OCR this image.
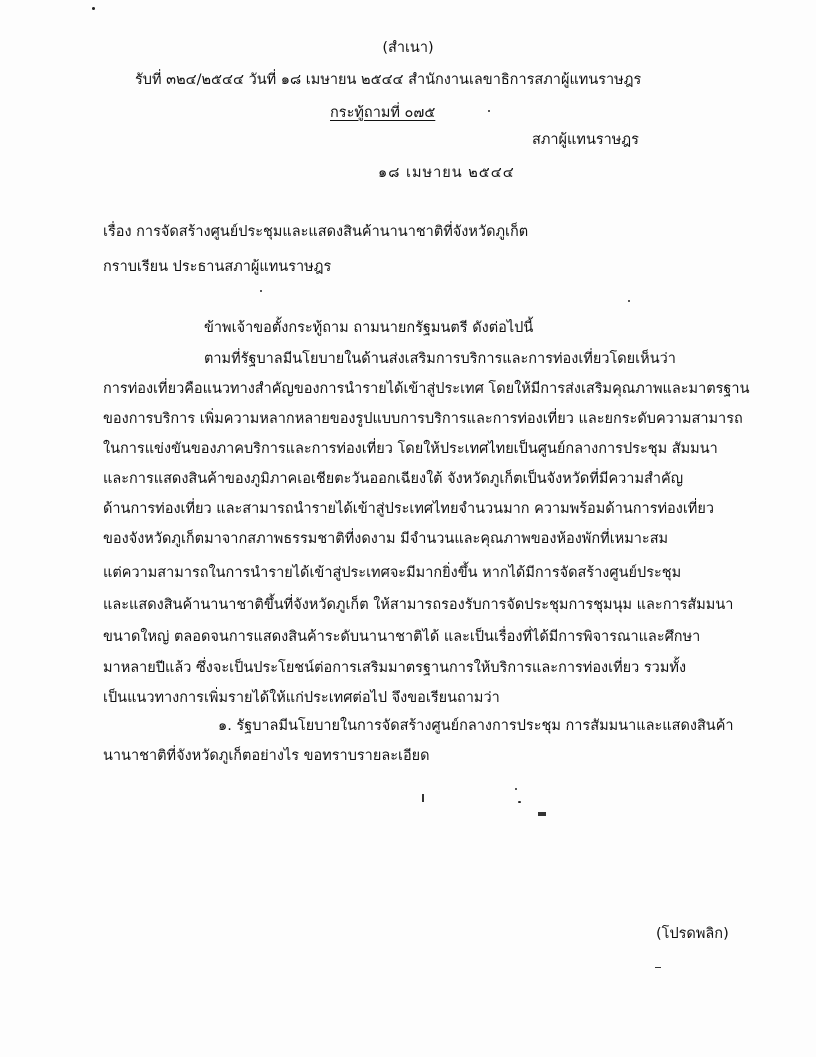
(สำเนา)
รับที่ ๓๒๔/๒๕๔๔ วันที่ ๑๘ เมษายน ๒๕๔๔ สำนักงานเลขาธิการสภาผู้แทนราษฎร
กระทู้ถามที่ ๐๗๕
สภาผู้แทนราษฎร
๑๘ เมษายน ๒๕๔๔
เรื่อง การจัดสร้างศูนย์ประชุมและแสดงสินค้านานาชาติที่จังหวัดภูเก็ต
กราบเรียน ประธานสภาผู้แทนราษฎร
ข้าพเจ้าขอตั้งกระทู้ถาม ถามนายกรัฐมนตรี ดังต่อไปนี้
ตามที่รัฐบาลมีนโยบายในด้านส่งเสริมการบริการและการท่องเที่ยวโดยเห็นว่า
การท่องเที่ยวคือแนวทางสำคัญของการนำรายได้เข้าสู่ประเทศ โดยให้มีการส่งเสริมคุณภาพและมาตรฐาน
ของการบริการ เพิ่มความหลากหลายของรูปแบบการบริการและการท่องเที่ยว และยกระดับความสามารถ
ในการแข่งขันของภาคบริการและการท่องเที่ยว โดยให้ประเทศไทยเป็นศูนย์กลางการประชุม สัมมนา
และการแสดงสินค้าของภูมิภาคเอเชียตะวันออกเฉียงใต้ จังหวัดภูเก็ตเป็นจังหวัดที่มีความสำคัญ
ด้านการท่องเที่ยว และสามารถนำรายได้เข้าสู่ประเทศไทยจำนวนมาก ความพร้อมด้านการท่องเที่ยว
ของจังหวัดภูเก็ตมาจากสภาพธรรมชาติที่งดงาม มีจำนวนและคุณภาพของห้องพักที่เหมาะสม
แต่ความสามารถในการนำรายได้เข้าสู่ประเทศจะมีมากยิ่งขึ้น หากได้มีการจัดสร้างศูนย์ประชุม
และแสดงสินค้านานาชาติขึ้นที่จังหวัดภูเก็ต ให้สามารถรองรับการจัดประชุมการชุมนุม และการสัมมนา
ขนาดใหญ่ ตลอดจนการแสดงสินค้าระดับนานาชาติได้ และเป็นเรื่องที่ได้มีการพิจารณาและศึกษา
มาหลายปีแล้ว ซึ่งจะเป็นประโยชน์ต่อการเสริมมาตรฐานการให้บริการและการท่องเที่ยว รวมทั้ง
เป็นแนวทางการเพิ่มรายได้ให้แก่ประเทศต่อไป จึงขอเรียนถามว่า
๑. รัฐบาลมีนโยบายในการจัดสร้างศูนย์กลางการประชุม การสัมมนาและแสดงสินค้า
นานาชาติที่จังหวัดภูเก็ตอย่างไร ขอทราบรายละเอียด
(โปรดพลิก)
